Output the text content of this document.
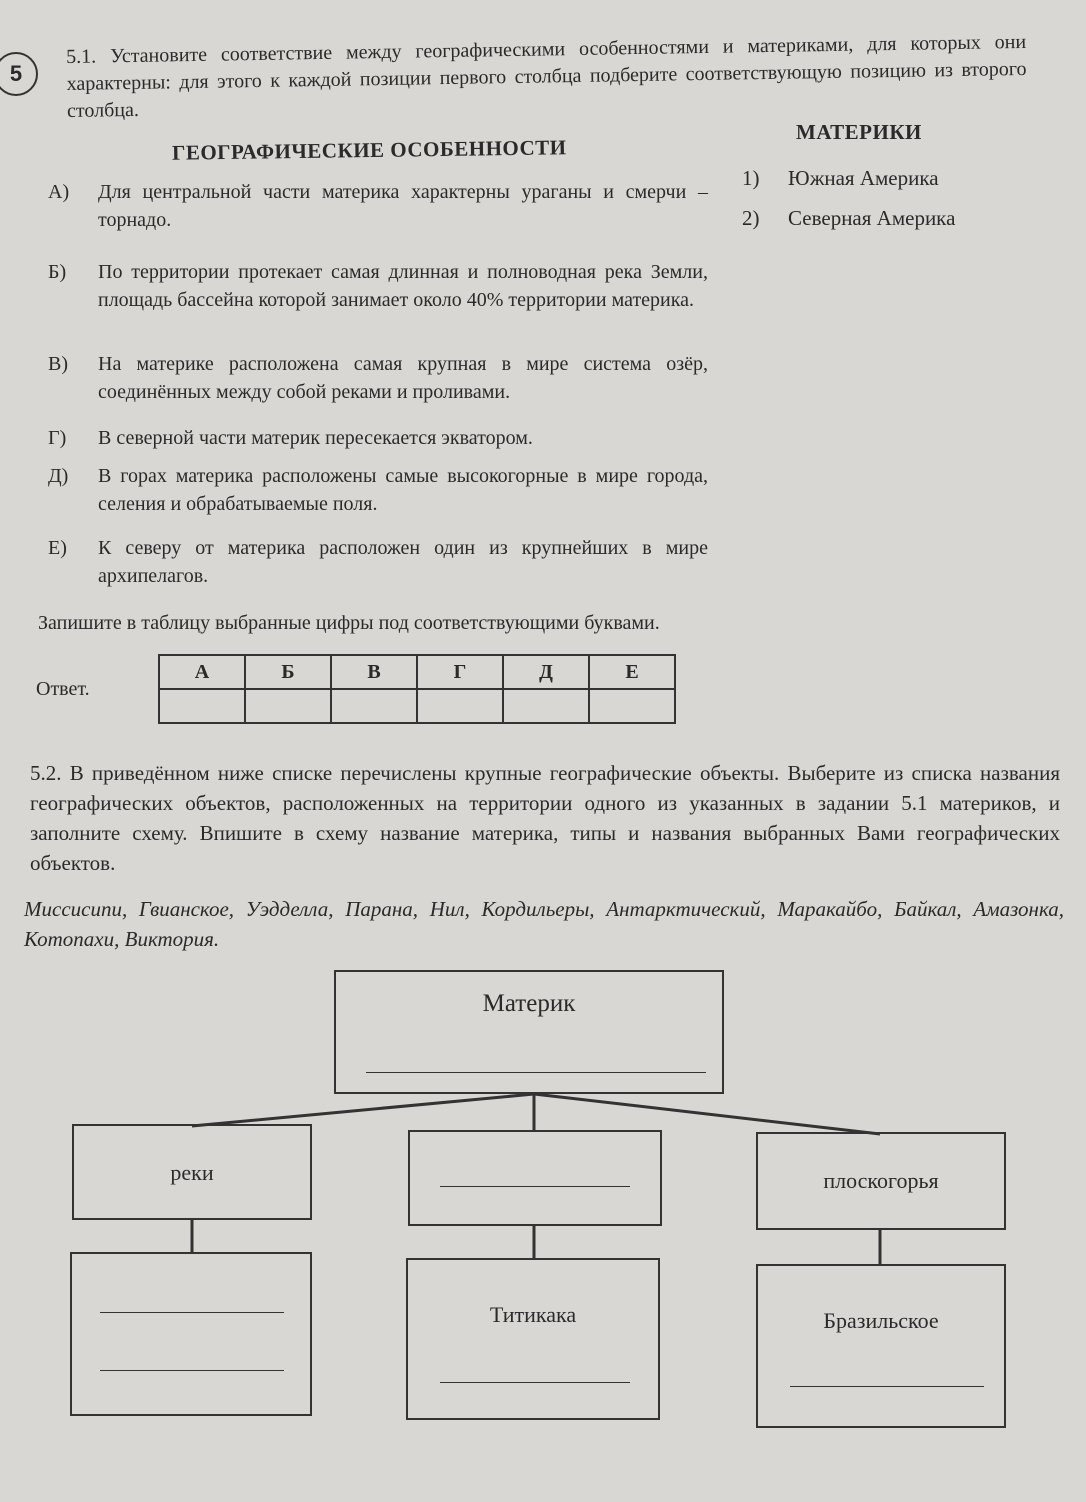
5
5.1. Установите соответствие между географическими особенностями и материками, для которых они характерны: для этого к каждой позиции первого столбца подберите соответствующую позицию из второго столбца.
ГЕОГРАФИЧЕСКИЕ ОСОБЕННОСТИ
МАТЕРИКИ
А)	Для центральной части материка характерны ураганы и смерчи – торнадо.
Б)	По территории протекает самая длинная и полноводная река Земли, площадь бассейна которой занимает около 40% территории материка.
В)	На материке расположена самая крупная в мире система озёр, соединённых между собой реками и проливами.
Г)	В северной части материк пересекается экватором.
Д)	В горах материка расположены самые высокогорные в мире города, селения и обрабатываемые поля.
Е)	К северу от материка расположен один из крупнейших в мире архипелагов.
1)	Южная Америка
2)	Северная Америка
Запишите в таблицу выбранные цифры под соответствующими буквами.
Ответ.
А	Б	В	Г	Д	Е

5.2. В приведённом ниже списке перечислены крупные географические объекты. Выберите из списка названия географических объектов, расположенных на территории одного из указанных в задании 5.1 материков, и заполните схему. Впишите в схему название материка, типы и названия выбранных Вами географических объектов.
Миссисипи, Гвианское, Уэдделла, Парана, Нил, Кордильеры, Антарктический, Маракайбо, Байкал, Амазонка, Котопахи, Виктория.
Материк
реки	плоскогорья
Титикака	Бразильское
